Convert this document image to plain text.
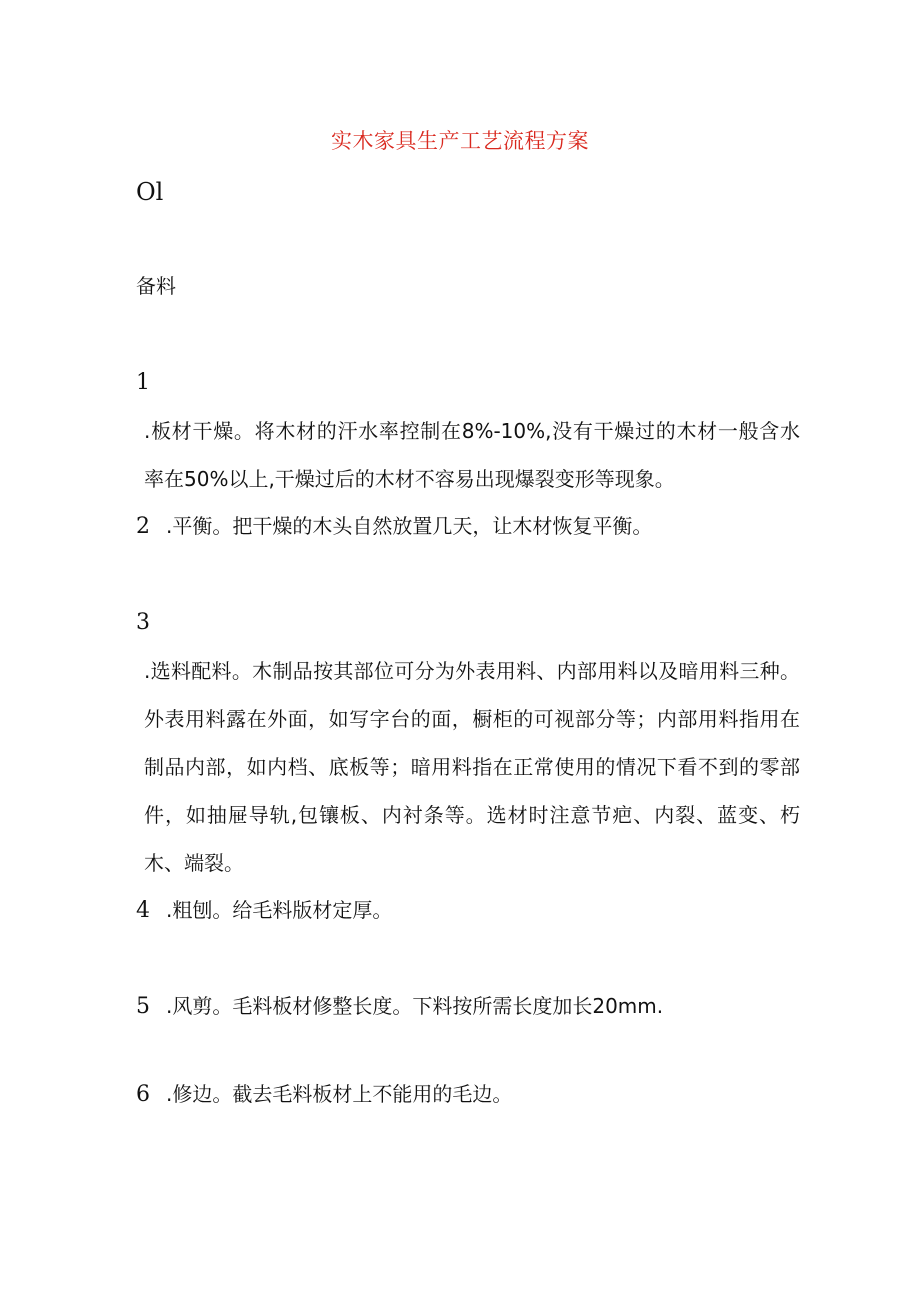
实木家具生产工艺流程方案
Ol
备料
1.板材干燥。将木材的汗水率控制在8%-10%,没有干燥过的木材一般含水率在50%以上,干燥过后的木材不容易出现爆裂变形等现象。
2 .平衡。把干燥的木头自然放置几天，让木材恢复平衡。
3.选料配料。木制品按其部位可分为外表用料、内部用料以及暗用料三种。外表用料露在外面，如写字台的面，橱柜的可视部分等；内部用料指用在制品内部，如内档、底板等；暗用料指在正常使用的情况下看不到的零部件，如抽屉导轨,包镶板、内衬条等。选材时注意节疤、内裂、蓝变、朽木、端裂。
4 .粗刨。给毛料版材定厚。
5 .风剪。毛料板材修整长度。下料按所需长度加长20mm.
6 .修边。截去毛料板材上不能用的毛边。
